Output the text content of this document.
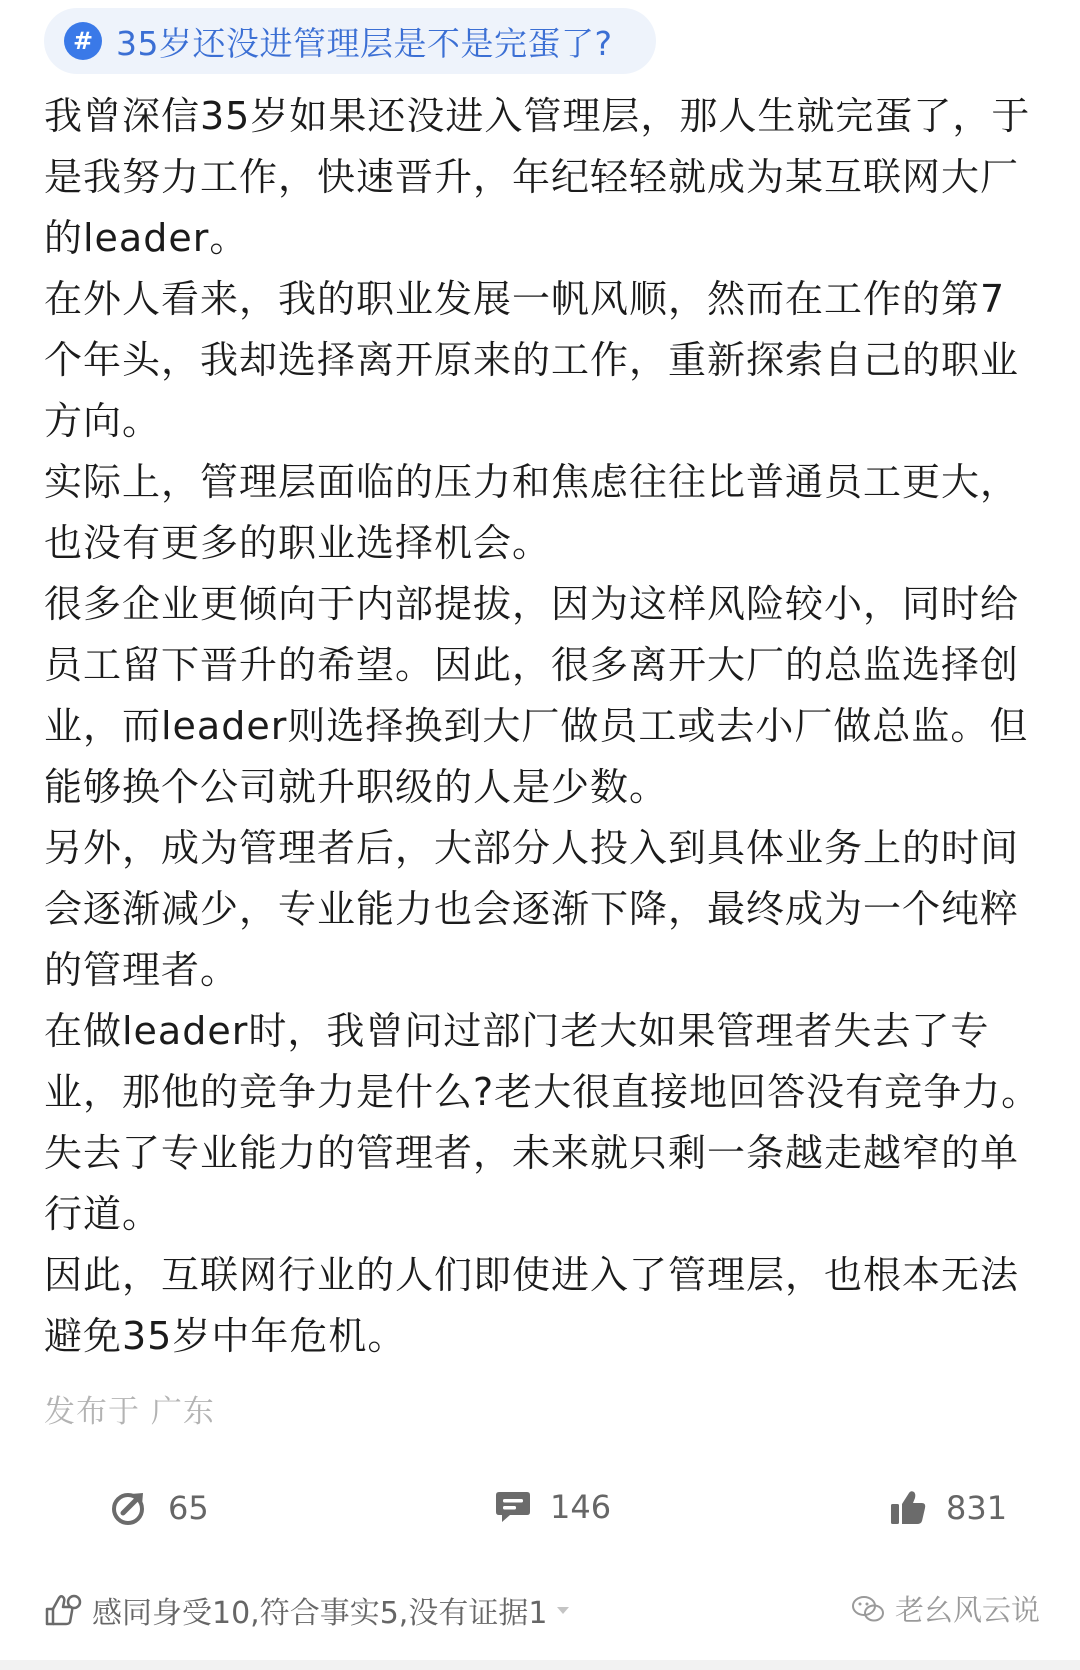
# 35岁还没进管理层是不是完蛋了?

我曾深信35岁如果还没进入管理层，那人生就完蛋了，于是我努力工作，快速晋升，年纪轻轻就成为某互联网大厂的leader。

在外人看来，我的职业发展一帆风顺，然而在工作的第7个年头，我却选择离开原来的工作，重新探索自己的职业方向。

实际上，管理层面临的压力和焦虑往往比普通员工更大，也没有更多的职业选择机会。

很多企业更倾向于内部提拔，因为这样风险较小，同时给员工留下晋升的希望。因此，很多离开大厂的总监选择创业，而leader则选择换到大厂做员工或去小厂做总监。但能够换个公司就升职级的人是少数。

另外，成为管理者后，大部分人投入到具体业务上的时间会逐渐减少，专业能力也会逐渐下降，最终成为一个纯粹的管理者。

在做leader时，我曾问过部门老大如果管理者失去了专业，那他的竞争力是什么?老大很直接地回答没有竞争力。失去了专业能力的管理者，未来就只剩一条越走越窄的单行道。

因此，互联网行业的人们即使进入了管理层，也根本无法避免35岁中年危机。

发布于 广东
65	146	831
感同身受10,符合事实5,没有证据1	老幺风云说
